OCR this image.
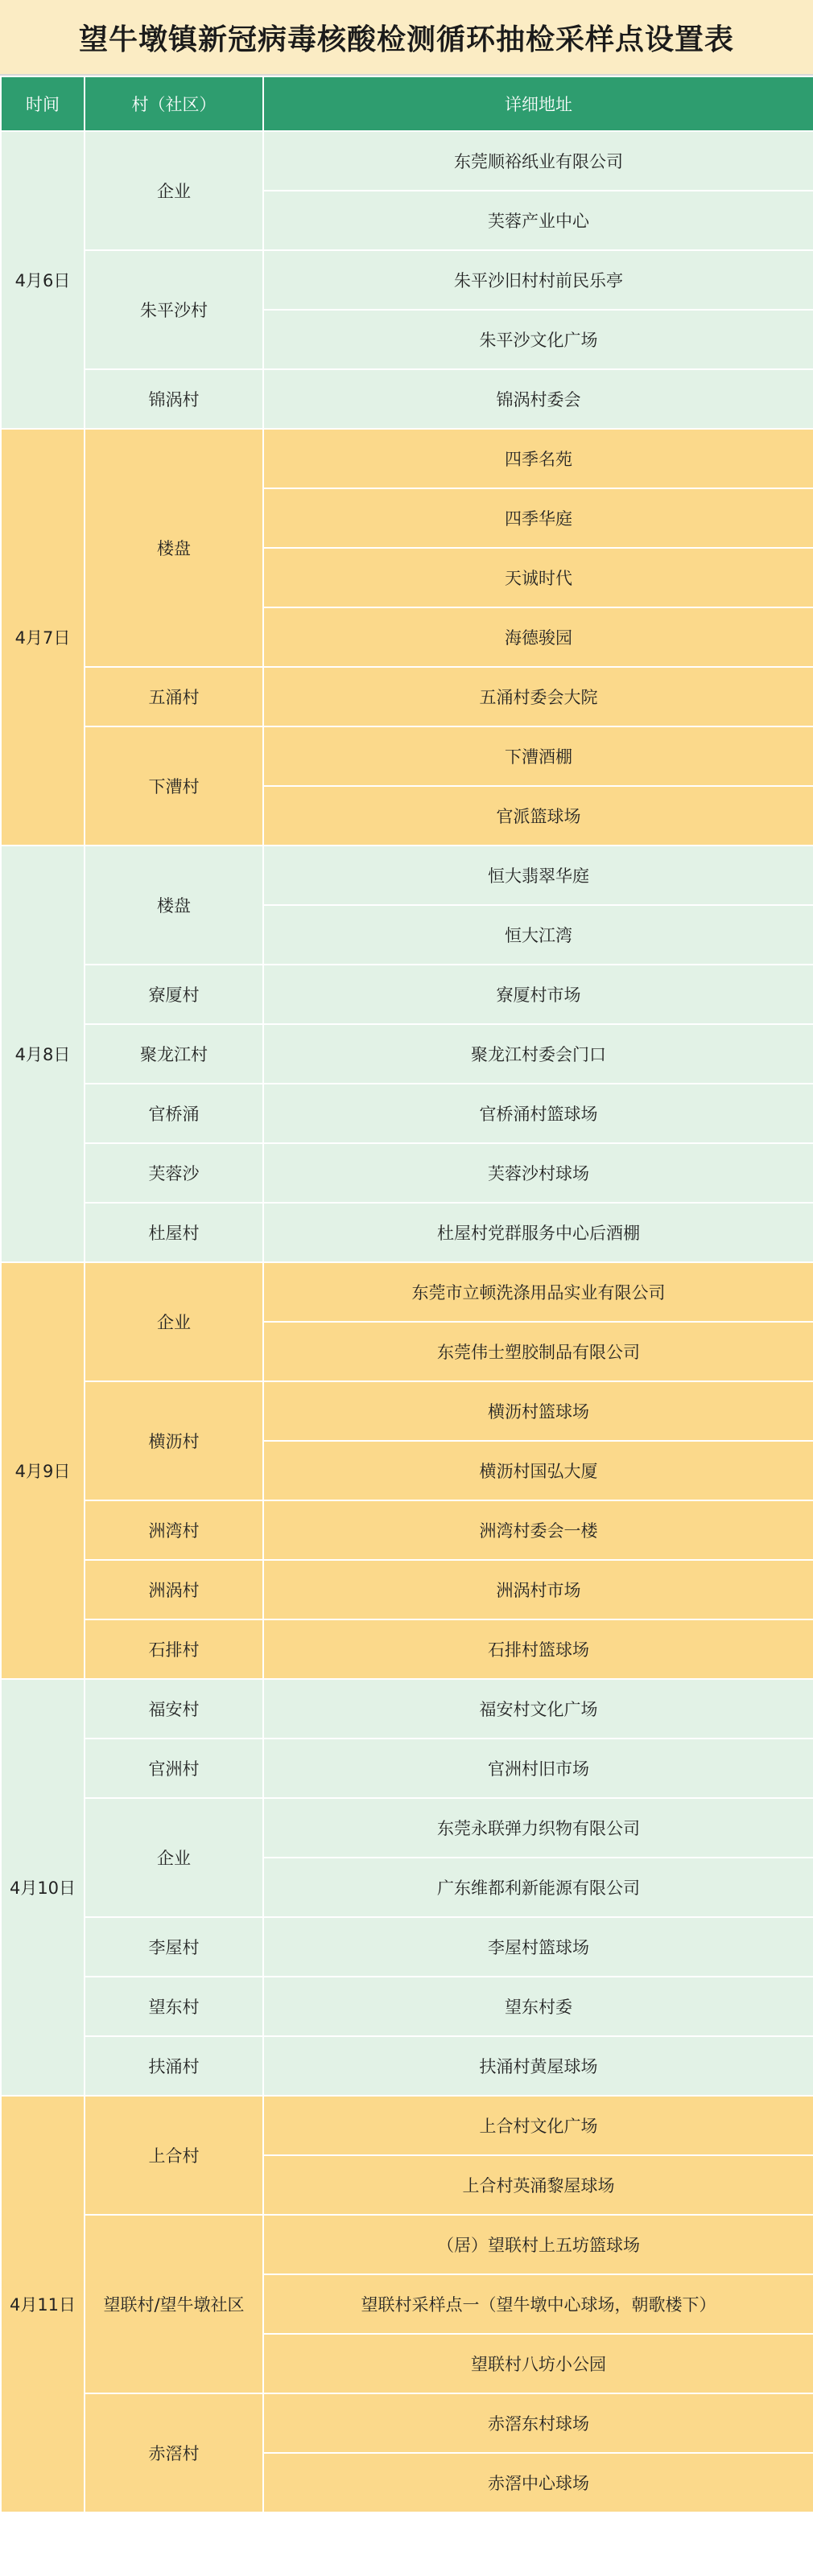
望牛墩镇新冠病毒核酸检测循环抽检采样点设置表
时间	村（社区）	详细地址
4月6日	企业	东莞顺裕纸业有限公司
		芙蓉产业中心
	朱平沙村	朱平沙旧村村前民乐亭
		朱平沙文化广场
	锦涡村	锦涡村委会
4月7日	楼盘	四季名苑
		四季华庭
		天诚时代
		海德骏园
	五涌村	五涌村委会大院
	下漕村	下漕酒棚
		官派篮球场
4月8日	楼盘	恒大翡翠华庭
		恒大江湾
	寮厦村	寮厦村市场
	聚龙江村	聚龙江村委会门口
	官桥涌	官桥涌村篮球场
	芙蓉沙	芙蓉沙村球场
	杜屋村	杜屋村党群服务中心后酒棚
4月9日	企业	东莞市立顿洗涤用品实业有限公司
		东莞伟士塑胶制品有限公司
	横沥村	横沥村篮球场
		横沥村国弘大厦
	洲湾村	洲湾村委会一楼
	洲涡村	洲涡村市场
	石排村	石排村篮球场
4月10日	福安村	福安村文化广场
	官洲村	官洲村旧市场
	企业	东莞永联弹力织物有限公司
		广东维都利新能源有限公司
	李屋村	李屋村篮球场
	望东村	望东村委
	扶涌村	扶涌村黄屋球场
4月11日	上合村	上合村文化广场
		上合村英涌黎屋球场
	望联村/望牛墩社区	（居）望联村上五坊篮球场
		望联村采样点一（望牛墩中心球场，朝歌楼下）
		望联村八坊小公园
	赤滘村	赤滘东村球场
		赤滘中心球场
